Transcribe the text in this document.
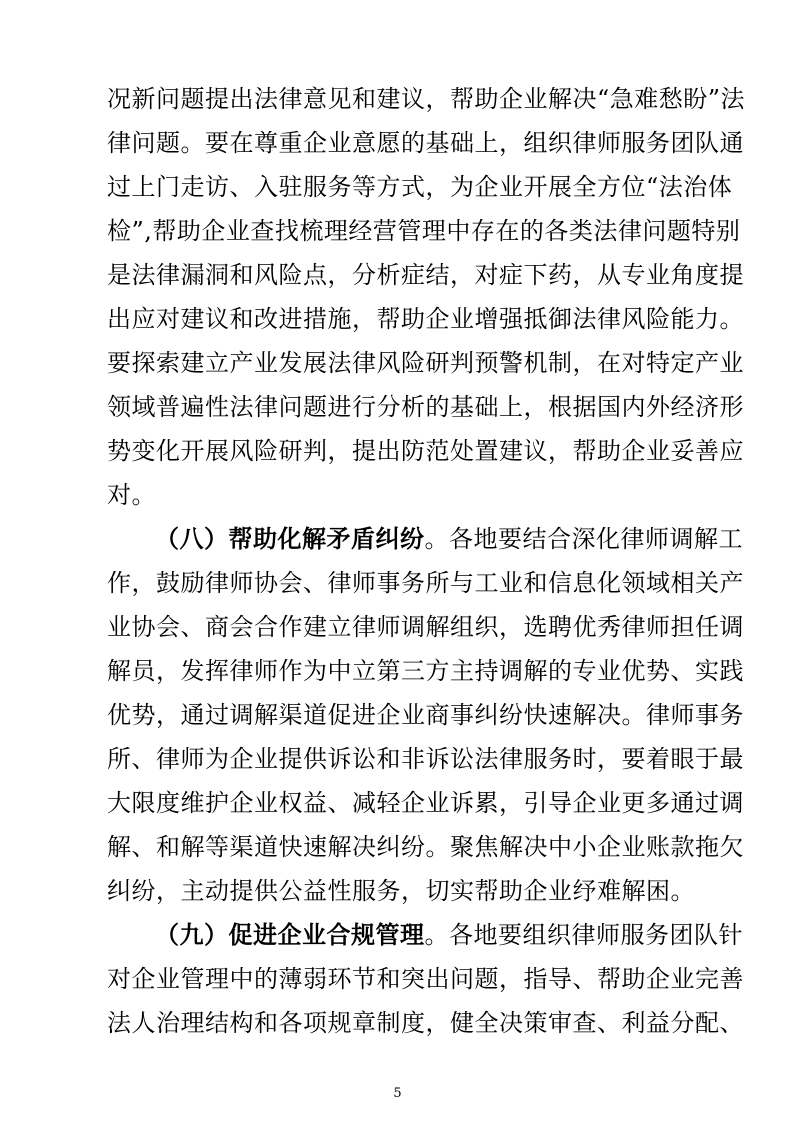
况新问题提出法律意见和建议，帮助企业解决“急难愁盼”法
律问题。要在尊重企业意愿的基础上，组织律师服务团队通
过上门走访、入驻服务等方式，为企业开展全方位“法治体
检”,帮助企业查找梳理经营管理中存在的各类法律问题特别
是法律漏洞和风险点，分析症结，对症下药，从专业角度提
出应对建议和改进措施，帮助企业增强抵御法律风险能力。
要探索建立产业发展法律风险研判预警机制，在对特定产业
领域普遍性法律问题进行分析的基础上，根据国内外经济形
势变化开展风险研判，提出防范处置建议，帮助企业妥善应
对。
（八）帮助化解矛盾纠纷。各地要结合深化律师调解工
作，鼓励律师协会、律师事务所与工业和信息化领域相关产
业协会、商会合作建立律师调解组织，选聘优秀律师担任调
解员，发挥律师作为中立第三方主持调解的专业优势、实践
优势，通过调解渠道促进企业商事纠纷快速解决。律师事务
所、律师为企业提供诉讼和非诉讼法律服务时，要着眼于最
大限度维护企业权益、减轻企业诉累，引导企业更多通过调
解、和解等渠道快速解决纠纷。聚焦解决中小企业账款拖欠
纠纷，主动提供公益性服务，切实帮助企业纾难解困。
（九）促进企业合规管理。各地要组织律师服务团队针
对企业管理中的薄弱环节和突出问题，指导、帮助企业完善
法人治理结构和各项规章制度，健全决策审查、利益分配、
5
